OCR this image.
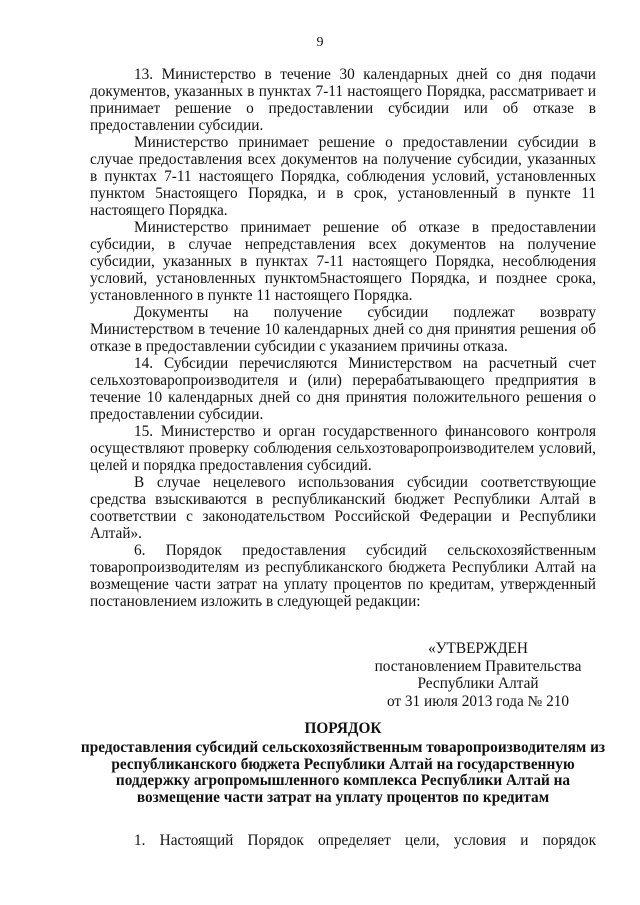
9

13. Министерство в течение 30 календарных дней со дня подачи документов, указанных в пунктах 7-11 настоящего Порядка, рассматривает и принимает решение о предоставлении субсидии или об отказе в предоставлении субсидии.

Министерство принимает решение о предоставлении субсидии в случае предоставления всех документов на получение субсидии, указанных в пунктах 7-11 настоящего Порядка, соблюдения условий, установленных пунктом 5настоящего Порядка, и в срок, установленный в пункте 11 настоящего Порядка.

Министерство принимает решение об отказе в предоставлении субсидии, в случае непредставления всех документов на получение субсидии, указанных в пунктах 7-11 настоящего Порядка, несоблюдения условий, установленных пунктом5настоящего Порядка, и позднее срока, установленного в пункте 11 настоящего Порядка.

Документы на получение субсидии подлежат возврату Министерством в течение 10 календарных дней со дня принятия решения об отказе в предоставлении субсидии с указанием причины отказа.

14. Субсидии перечисляются Министерством на расчетный счет сельхозтоваропроизводителя и (или) перерабатывающего предприятия в течение 10 календарных дней со дня принятия положительного решения о предоставлении субсидии.

15. Министерство и орган государственного финансового контроля осуществляют проверку соблюдения сельхозтоваропроизводителем условий, целей и порядка предоставления субсидий.

В случае нецелевого использования субсидии соответствующие средства взыскиваются в республиканский бюджет Республики Алтай в соответствии с законодательством Российской Федерации и Республики Алтай».

6. Порядок предоставления субсидий сельскохозяйственным товаропроизводителям из республиканского бюджета Республики Алтай на возмещение части затрат на уплату процентов по кредитам, утвержденный постановлением изложить в следующей редакции:

«УТВЕРЖДЕН
постановлением Правительства
Республики Алтай
от 31 июля 2013 года № 210
ПОРЯДОК
предоставления субсидий сельскохозяйственным товаропроизводителям из республиканского бюджета Республики Алтай на государственную поддержку агропромышленного комплекса Республики Алтай на возмещение части затрат на уплату процентов по кредитам

1. Настоящий Порядок определяет цели, условия и порядок
